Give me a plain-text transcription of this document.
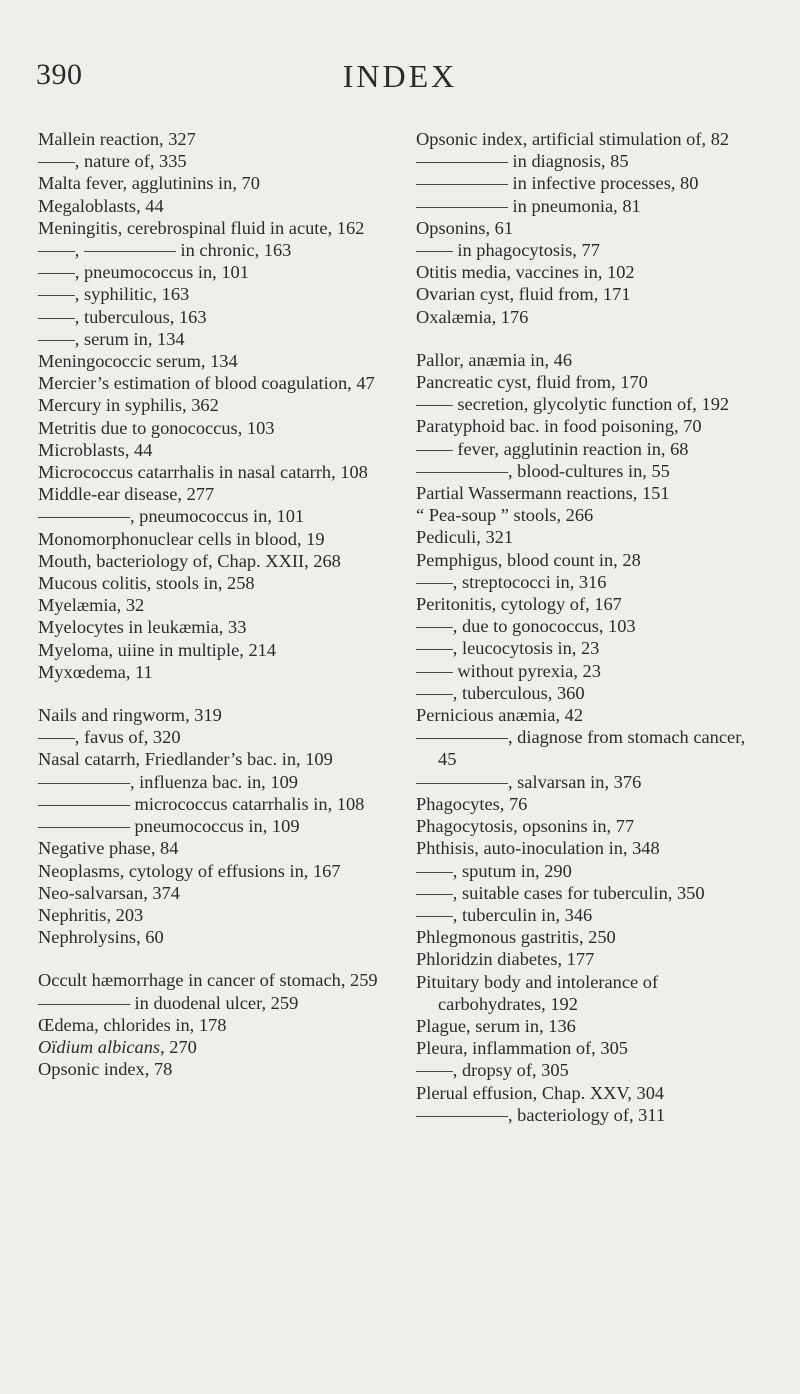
390	INDEX

Mallein reaction, 327

——, nature of, 335

Malta fever, agglutinins in, 70

Megaloblasts, 44

Meningitis, cerebrospinal fluid in acute, 162

——, ————— in chronic, 163

——, pneumococcus in, 101

——, syphilitic, 163

——, tuberculous, 163

——, serum in, 134

Meningococcic serum, 134

Mercier’s estimation of blood coagulation, 47

Mercury in syphilis, 362

Metritis due to gonococcus, 103

Microblasts, 44

Micrococcus catarrhalis in nasal catarrh, 108

Middle-ear disease, 277

—————, pneumococcus in, 101

Monomorphonuclear cells in blood, 19

Mouth, bacteriology of, Chap. XXII, 268

Mucous colitis, stools in, 258

Myelæmia, 32

Myelocytes in leukæmia, 33

Myeloma, uiine in multiple, 214

Myxœdema, 11

Nails and ringworm, 319

——, favus of, 320

Nasal catarrh, Friedlander’s bac. in, 109

—————, influenza bac. in, 109

————— micrococcus catarrhalis in, 108

————— pneumococcus in, 109

Negative phase, 84

Neoplasms, cytology of effusions in, 167

Neo-salvarsan, 374

Nephritis, 203

Nephrolysins, 60

Occult hæmorrhage in cancer of stomach, 259

————— in duodenal ulcer, 259

Œdema, chlorides in, 178

Oïdium albicans, 270

Opsonic index, 78

Opsonic index, artificial stimulation of, 82

————— in diagnosis, 85

————— in infective processes, 80

————— in pneumonia, 81

Opsonins, 61

—— in phagocytosis, 77

Otitis media, vaccines in, 102

Ovarian cyst, fluid from, 171

Oxalæmia, 176

Pallor, anæmia in, 46

Pancreatic cyst, fluid from, 170

—— secretion, glycolytic function of, 192

Paratyphoid bac. in food poisoning, 70

—— fever, agglutinin reaction in, 68

—————, blood-cultures in, 55

Partial Wassermann reactions, 151

“ Pea-soup ” stools, 266

Pediculi, 321

Pemphigus, blood count in, 28

——, streptococci in, 316

Peritonitis, cytology of, 167

——, due to gonococcus, 103

——, leucocytosis in, 23

—— without pyrexia, 23

——, tuberculous, 360

Pernicious anæmia, 42

—————, diagnose from stomach cancer, 45

—————, salvarsan in, 376

Phagocytes, 76

Phagocytosis, opsonins in, 77

Phthisis, auto-inoculation in, 348

——, sputum in, 290

——, suitable cases for tuberculin, 350

——, tuberculin in, 346

Phlegmonous gastritis, 250

Phloridzin diabetes, 177

Pituitary body and intolerance of carbohydrates, 192

Plague, serum in, 136

Pleura, inflammation of, 305

——, dropsy of, 305

Plerual effusion, Chap. XXV, 304

—————, bacteriology of, 311
